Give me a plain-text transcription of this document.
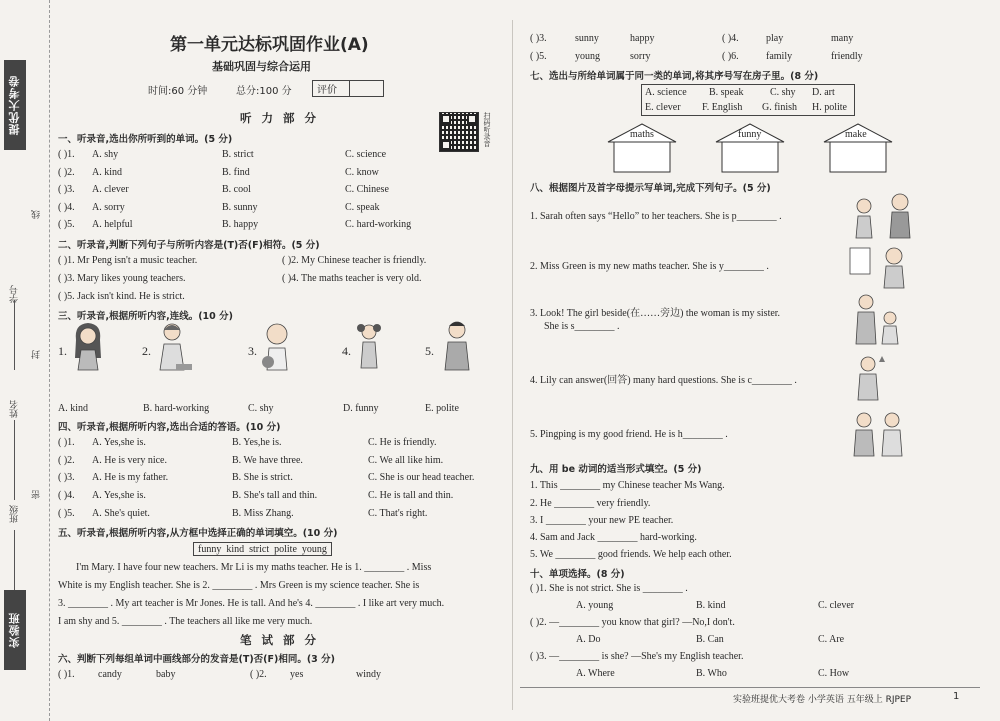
提优大考卷
班级
姓名
学号
线
封
密
实验班
第一单元达标巩固作业(A)
基础巩固与综合运用
时间:60 分钟	总分:100 分	评价
扫码听录音
听 力 部 分
一、听录音,选出你所听到的单词。(5 分)
( )1. A. shy	B. strict	C. science
( )2. A. kind	B. find	C. know
( )3. A. clever	B. cool	C. Chinese
( )4. A. sorry	B. sunny	C. speak
( )5. A. helpful	B. happy	C. hard-working
二、听录音,判断下列句子与所听内容是(T)否(F)相符。(5 分)
( )1. Mr Peng isn't a music teacher.	( )2. My Chinese teacher is friendly.
( )3. Mary likes young teachers.	( )4. The maths teacher is very old.
( )5. Jack isn't kind. He is strict.
三、听录音,根据所听内容,连线。(10 分)
1.	2.	3.	4.	5.
A. kind	B. hard-working	C. shy	D. funny	E. polite
四、听录音,根据所听内容,选出合适的答语。(10 分)
( )1. A. Yes,she is.	B. Yes,he is.	C. He is friendly.
( )2. A. He is very nice.	B. We have three.	C. We all like him.
( )3. A. He is my father.	B. She is strict.	C. She is our head teacher.
( )4. A. Yes,she is.	B. She's tall and thin.	C. He is tall and thin.
( )5. A. She's quiet.	B. Miss Zhang.	C. That's right.
五、听录音,根据所听内容,从方框中选择正确的单词填空。(10 分)
funny  kind  strict  polite  young
I'm Mary. I have four new teachers. Mr Li is my maths teacher. He is 1. ________ . Miss
White is my English teacher. She is 2. ________ . Mrs Green is my science teacher. She is
3. ________ . My art teacher is Mr Jones. He is tall. And he's 4. ________ . I like art very much.
I am shy and 5. ________ . The teachers all like me very much.
笔 试 部 分
六、判断下列每组单词中画线部分的发音是(T)否(F)相同。(3 分)
( )1. candy	baby	( )2. yes	windy
( )3.	sunny	happy	( )4.	play	many
( )5.	young	sorry	( )6.	family	friendly
七、选出与所给单词属于同一类的单词,将其序号写在房子里。(8 分)
A. science B. speak	C. shy D. art
E. clever F. English G. finish H. polite
maths	funny	make
八、根据图片及首字母提示写单词,完成下列句子。(5 分)
1. Sarah often says “Hello” to her teachers. She is p________ .
2. Miss Green is my new maths teacher. She is y________ .
3. Look! The girl beside(在……旁边) the woman is my sister.
She is s________ .
4. Lily can answer(回答) many hard questions. She is c________ .
5. Pingping is my good friend. He is h________ .
九、用 be 动词的适当形式填空。(5 分)
1. This ________ my Chinese teacher Ms Wang.
2. He ________ very friendly.
3. I ________ your new PE teacher.
4. Sam and Jack ________ hard-working.
5. We ________ good friends. We help each other.
十、单项选择。(8 分)
( )1. She is not strict. She is ________ .
A. young	B. kind	C. clever
( )2. —________ you know that girl? —No,I don't.
A. Do	B. Can	C. Are
( )3. —________ is she? —She's my English teacher.
A. Where	B. Who	C. How
实验班提优大考卷 小学英语 五年级上 RJPEP	1
